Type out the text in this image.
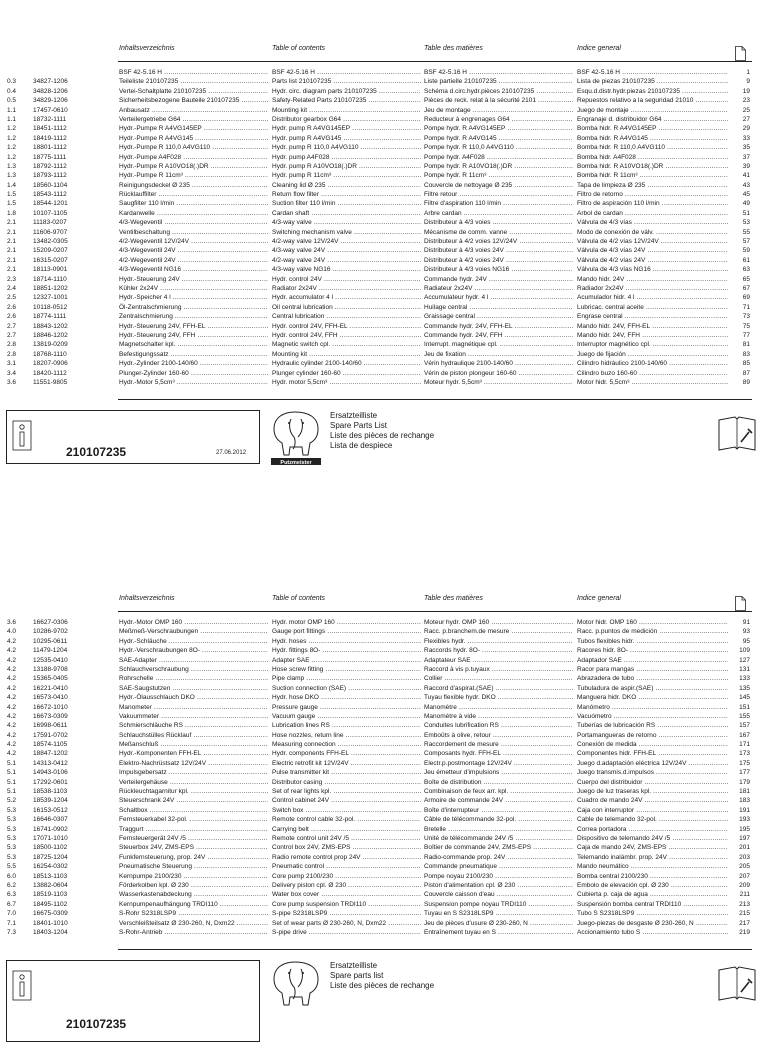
Inhaltsverzeichnis	Table of contents	Table des matières	Indice general
BSF 42-5.16 H .....	BSF 42-5.16 H .....	BSF 42-5.16 H .....	BSF 42-5.16 H .....	1
0.3	34827-1206	Teileliste 210107235 .....	Parts list 210107235 .....	Liste partielle 210107235 .....	Lista de piezas 210107235 .....	9
0.4	34828-1206	Vertei-Schaltplatte 210107235 .....	Hydr. circ. diagram parts 210107235 .....	Schéma d.circ.hydr.pièces 210107235 .....	Esqu.d.distr.hydr.piezas 210107235 .....	19
0.5	34829-1206	Sicherheitsbezogene Bauteile 210107235 .....	Safety-Related Parts 210107235 .....	Pièces de reck. relat à la sécurité 2101 .....	Repuestos relativo a la seguridad 21010 .....	23
1.1	17457-0610	Anbausatz .....	Mounting kit .....	Jeu de montage .....	Juego de montaje .....	25
1.1	18732-1111	Verteilergetriebe G64 .....	Distributor gearbox G64 .....	Reducteur à engrenages G64 .....	Engranaje d. distribuidor G64 .....	27
1.2	18451-1112	Hydr.-Pumpe R A4VG145EP .....	Hydr. pump R A4VG145EP .....	Pompe hydr. R A4VG145EP .....	Bomba hidr. R A4VG145EP .....	29
1.2	18419-1112	Hydr.-Pumpe R A4VG145 .....	Hydr. pump R A4VG145 .....	Pompe hydr. R A4VG145 .....	Bomba hidr. R A4VG145 .....	33
1.2	18801-1112	Hydr.-Pumpe R 110,0 A4VG110 .....	Hydr. pump R 110,0 A4VG110 .....	Pompe hydr. R 110,0 A4VG110 .....	Bomba hidr. R 110,0 A4VG110 .....	35
1.2	18775-1111	Hydr.-Pumpe A4F028 .....	Hydr. pump A4F028 .....	Pompe hydr. A4F028 .....	Bomba hidr. A4F028 .....	37
1.3	18792-1112	Hydr.-Pumpe R A10VO18(.)DR .....	Hydr. pump R A10VO18(.)DR .....	Pompe hydr. R A10VO18(.)DR .....	Bomba hidr. R A10VO18(.)DR .....	39
1.3	18793-1112	Hydr.-Pumpe R 11cm³ .....	Hydr. pump R 11cm³ .....	Pompe hydr. R 11cm³ .....	Bomba hidr. R 11cm³ .....	41
1.4	18560-1104	Reinigungsdeckel Ø 235 .....	Cleaning lid Ø 235 .....	Couvercle de nettoyage Ø 235 .....	Tapa de limpieza Ø 235 .....	43
1.5	18543-1112	Rücklauffilter .....	Return flow filter .....	Filtre retour .....	Filtro de retorno .....	45
1.5	18544-1201	Saugfilter 110 l/min .....	Suction filter 110 l/min .....	Filtre d'aspiration 110 l/min .....	Filtro de aspiración 110 l/min .....	49
1.8	10107-1105	Kardanwelle .....	Cardan shaft .....	Arbre cardan .....	Arbol de cardan .....	51
2.1	11183-0207	4/3-Wegeventil .....	4/3-way valve .....	Distributeur à 4/3 voies .....	Válvula de 4/3 vías .....	53
2.1	11606-9707	Ventilbeschaltung .....	Switching mechanism valve .....	Mécanisme de comm. vanne .....	Modo de conexión de válv. .....	55
2.1	13482-0305	4/2-Wegeventil 12V/24V .....	4/2-way valve 12V/24V .....	Distributeur à 4/2 voies 12V/24V .....	Válvula de 4/2 vías 12V/24V .....	57
2.1	15209-0207	4/3-Wegeventil 24V .....	4/3-way valve 24V .....	Distributeur à 4/3 voies 24V .....	Válvula de 4/3 vías 24V .....	59
2.1	16315-0207	4/2-Wegeventil 24V .....	4/2-way valve 24V .....	Distributeur à 4/2 voies 24V .....	Válvula de 4/2 vías 24V .....	61
2.1	18113-0901	4/3-Wegeventil NG16 .....	4/3-way valve NG16 .....	Distributeur à 4/3 voies NG16 .....	Válvula de 4/3 vías NG16 .....	63
2.3	18714-1110	Hydr.-Steuerung 24V .....	Hydr. control 24V .....	Commande hydr. 24V .....	Mando hidr. 24V .....	65
2.4	18851-1202	Kühler 2x24V .....	Radiator 2x24V .....	Radiateur 2x24V .....	Radiador 2x24V .....	67
2.5	12327-1001	Hydr.-Speicher 4 l .....	Hydr. accumulator 4 l .....	Accumulateur hydr. 4 l .....	Acumulador hidr. 4 l .....	69
2.6	10118-0512	Öl-Zentralschmierung .....	Oil central lubrication .....	Huilage central .....	Lubricac. central aceite .....	71
2.6	18774-1111	Zentralschmierung .....	Central lubrication .....	Graissage central .....	Engrase central .....	73
2.7	18843-1202	Hydr.-Steuerung 24V, FFH-EL .....	Hydr. control 24V, FFH-EL .....	Commande hydr. 24V, FFH-EL .....	Mando hidr. 24V, FFH-EL .....	75
2.7	18846-1202	Hydr.-Steuerung 24V, FFH .....	Hydr. control 24V, FFH .....	Commande hydr. 24V, FFH .....	Mando hidr. 24V, FFH .....	77
2.8	13819-0209	Magnetschalter kpl. .....	Magnetic switch cpl. .....	Interrupt. magnétique cpl. .....	Interruptor magnético cpl. .....	81
2.8	18768-1110	Befestigungssatz .....	Mounting kit .....	Jeu de fixation .....	Juego de fijación .....	83
3.1	18207-0906	Hydr.-Zylinder 2100-140/60 .....	Hydraulic cylinder 2100-140/60 .....	Vérin hydraulique 2100-140/60 .....	Cilindro hidráulico 2100-140/60 .....	85
3.4	18420-1112	Plunger-Zylinder 160-60 .....	Plunger cylinder 160-60 .....	Vérin de piston plongeur 160-60 .....	Cilindro buzo 160-60 .....	87
3.6	11551-9805	Hydr.-Motor 5,5cm³ .....	Hydr. motor 5,5cm³ .....	Moteur hydr. 5,5cm³ .....	Motor hidr. 5,5cm³ .....	89
210107235	27.06.2012
Putzmeister
Ersatzteilliste
Spare Parts List
Liste des pièces de rechange
Lista de despiece
Inhaltsverzeichnis	Table of contents	Table des matières	Indice general
3.6	16627-0306	Hydr.-Motor OMP 160 .....	Hydr. motor OMP 160 .....	Moteur hydr. OMP 160 .....	Motor hidr. OMP 160 .....	91
4.0	10286-9702	Meßmeß-Verschraubungen .....	Gauge port fittings .....	Racc. p.branchem.de mesure .....	Racc. p.puntos de medición .....	93
4.2	10295-0611	Hydr.-Schläuche .....	Hydr. hoses .....	Flexibles hydr. .....	Tubos flexibles hidr. .....	95
4.2	11479-1204	Hydr.-Verschraubungen 8O- .....	Hydr. fittings 8O- .....	Raccords hydr. 8O- .....	Racores hidr. 8O- .....	109
4.2	12535-0410	SAE-Adapter .....	Adapter SAE .....	Adaptateur SAE .....	Adaptador SAE .....	127
4.2	13188-9708	Schlauchverschraubung .....	Hose screw fitting .....	Raccord à vis p.tuyaux .....	Racor para mangas .....	131
4.2	15365-0405	Rohrschelle .....	Pipe clamp .....	Collier .....	Abrazadera de tubo .....	133
4.2	16221-0410	SAE-Saugstutzen .....	Suction connection (SAE) .....	Raccord d'aspirat.(SAE) .....	Tubuladura de aspir.(SAE) .....	135
4.2	16573-0410	Hydr.-Ölausschlauch DKO .....	Hydr. hose DKO .....	Tuyau flexible hydr. DKO .....	Manguera hidr. DKO .....	145
4.2	16672-1010	Manometer .....	Pressure gauge .....	Manomètre .....	Manómetro .....	151
4.2	16673-0309	Vakuummeter .....	Vacuum gauge .....	Manomètre à vide .....	Vacuómetro .....	155
4.2	16998-0611	Schmierschläuche RS .....	Lubrication lines RS .....	Conduites lubrification RS .....	Tuberías de lubricación RS .....	157
4.2	17591-0702	Schlauchstülles Rücklauf .....	Hose nozzles, return line .....	Emboûts à olive, retour .....	Portamangueras de retorno .....	167
4.2	18574-1105	Meßanschluß .....	Measuring connection .....	Raccordement de mesure .....	Conexión de medida .....	171
4.2	18847-1202	Hydr.-Komponenten FFH-EL .....	Hydr. components FFH-EL .....	Composants hydr. FFH-EL .....	Componentes hidr. FFH-EL .....	173
5.1	14313-0412	Elektro-Nachrüstsatz 12V/24V .....	Electric retrofit kit 12V/24V .....	Electr.p.postmontage 12V/24V .....	Juego d.adaptación eléctrica 12V/24V .....	175
5.1	14943-0106	Impulsgebersatz .....	Pulse transmitter kit .....	Jeu émetteur d'impulsions .....	Juego transmis.d.impulsos .....	177
5.1	17292-0601	Verteilergehäuse .....	Distributor casing .....	Boîte de distribution .....	Cuerpo del distribuidor .....	179
5.1	18538-1103	Rückleuchtagarnitur kpl. .....	Set of rear lights kpl. .....	Combinaison de feux arr. kpl. .....	Juego de luz traseras kpl. .....	181
5.2	18539-1204	Steuerschrank 24V .....	Control cabinet 24V .....	Armoire de commande 24V .....	Cuadro de mando 24V .....	183
5.3	16153-0512	Schaltbox .....	Switch box .....	Boîte d'interrupteur .....	Caja con interruptor .....	191
5.3	16646-0307	Fernsteuerkabel 32-pol. .....	Remote control cable 32-pol. .....	Câble de télécommande 32-pol. .....	Cable de telemando 32-pol. .....	193
5.3	16741-0902	Traggurt .....	Carrying belt .....	Bretelle .....	Correa portadora .....	195
5.3	17071-1010	Fernsteuergerät 24V /5 .....	Remote control unit 24V /5 .....	Unité de télécommande 24V /5 .....	Dispositivo de telemando 24V /5 .....	197
5.3	18500-1102	Steuerbox 24V, ZMS-EPS .....	Control box 24V, ZMS-EPS .....	Boîtier de commande 24V, ZMS-EPS .....	Caja de mando 24V, ZMS-EPS .....	201
5.3	18725-1204	Funkfernsteuerung, prop. 24V .....	Radio remote control prop 24V .....	Radio-commande prop. 24V .....	Telemando inalámbr. prop. 24V .....	203
5.5	16254-0302	Pneumatische Steuerung .....	Pneumatic control .....	Commande pneumatique .....	Mando neumático .....	205
6.0	18513-1103	Kernpumpe 2100/230 .....	Core pump 2100/230 .....	Pompe noyau 2100/230 .....	Bomba central 2100/230 .....	207
6.2	13882-0604	Förderkolben kpl. Ø 230 .....	Delivery piston cpl. Ø 230 .....	Piston d'alimentation cpl. Ø 230 .....	Embolo de elevación cpl. Ø 230 .....	209
6.3	18519-1103	Wasserkastenabdeckung .....	Water box cover .....	Couvercle caisson d'eau .....	Cubierta p. caja de agua .....	211
6.7	18495-1102	Kernpumpenaufhängung TRDI110 .....	Core pump suspension TRDI110 .....	Suspension pompe noyau TRDI110 .....	Suspensión bomba central TRDI110 .....	213
7.0	16675-0309	S-Rohr S2318LSP9 .....	S-pipe S2318LSP9 .....	Tuyau en S S2318LSP9 .....	Tubo S S2318LSP9 .....	215
7.1	18401-1010	Verschleißteilsatz Ø 230-260, N, Dxm22 .....	Set of wear parts Ø 230-260, N, Dxm22 .....	Jeu de pièces d'usure Ø 230-260, N .....	Juego-piezas de desgaste Ø 230-260, N .....	217
7.3	18403-1204	S-Rohr-Antrieb .....	S-pipe drive .....	Entraînement tuyau en S .....	Accionamiento tubo S .....	219
210107235
Ersatzteilliste
Spare parts list
Liste des pièces de rechange
